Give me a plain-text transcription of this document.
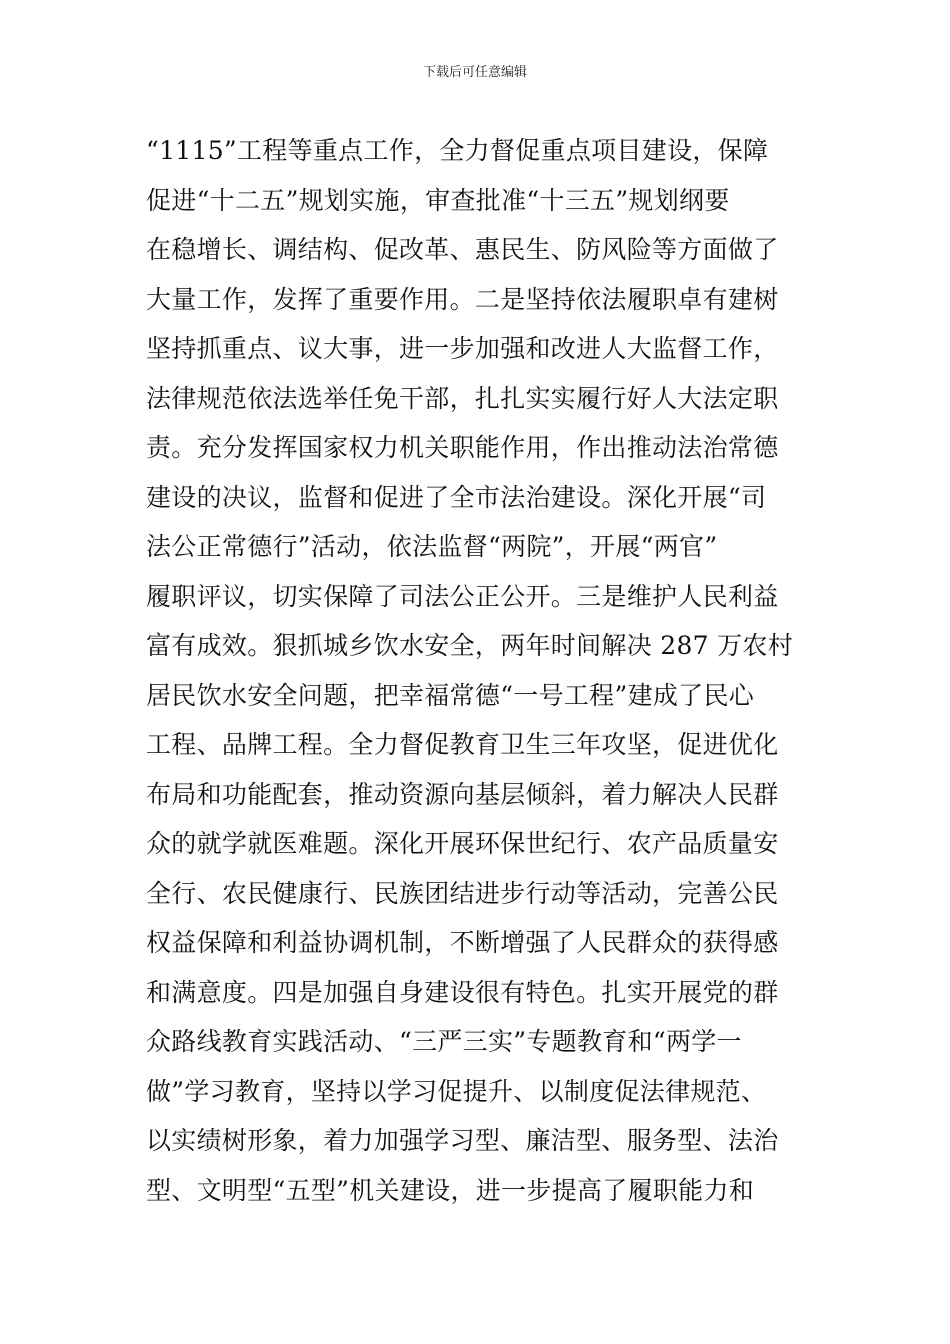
下载后可任意编辑
“1115”工程等重点工作，全力督促重点项目建设，保障
促进“十二五”规划实施，审查批准“十三五”规划纲要
在稳增长、调结构、促改革、惠民生、防风险等方面做了
大量工作，发挥了重要作用。二是坚持依法履职卓有建树
坚持抓重点、议大事，进一步加强和改进人大监督工作，
法律规范依法选举任免干部，扎扎实实履行好人大法定职
责。充分发挥国家权力机关职能作用，作出推动法治常德
建设的决议，监督和促进了全市法治建设。深化开展“司
法公正常德行”活动，依法监督“两院”，开展“两官”
履职评议，切实保障了司法公正公开。三是维护人民利益
富有成效。狠抓城乡饮水安全，两年时间解决 287 万农村
居民饮水安全问题，把幸福常德“一号工程”建成了民心
工程、品牌工程。全力督促教育卫生三年攻坚，促进优化
布局和功能配套，推动资源向基层倾斜，着力解决人民群
众的就学就医难题。深化开展环保世纪行、农产品质量安
全行、农民健康行、民族团结进步行动等活动，完善公民
权益保障和利益协调机制，不断增强了人民群众的获得感
和满意度。四是加强自身建设很有特色。扎实开展党的群
众路线教育实践活动、“三严三实”专题教育和“两学一
做”学习教育，坚持以学习促提升、以制度促法律规范、
以实绩树形象，着力加强学习型、廉洁型、服务型、法治
型、文明型“五型”机关建设，进一步提高了履职能力和
